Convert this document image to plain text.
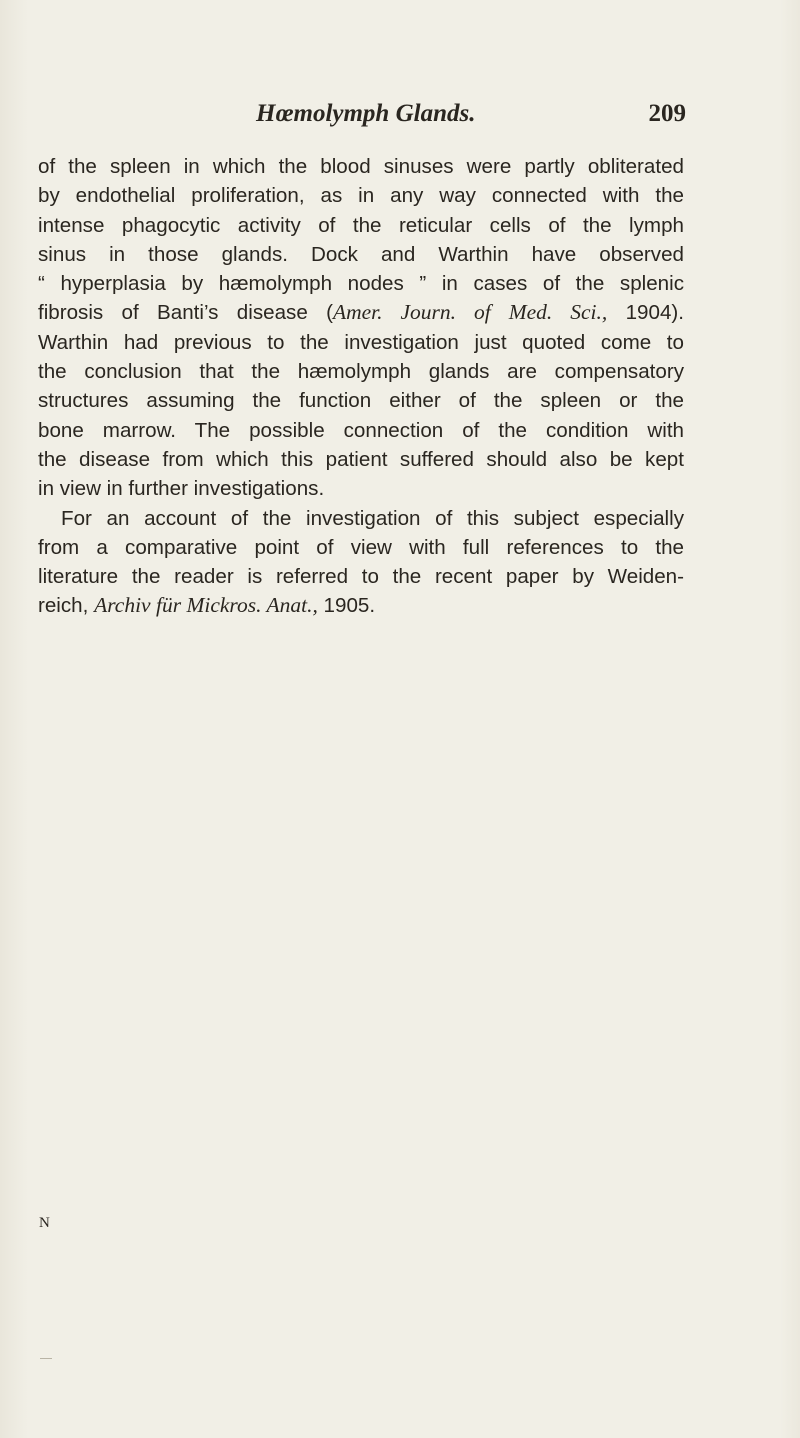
Hœmolymph Glands.	209
of the spleen in which the blood sinuses were partly obliterated
by endothelial proliferation, as in any way connected with the
intense phagocytic activity of the reticular cells of the lymph
sinus in those glands. Dock and Warthin have observed
“ hyperplasia by hæmolymph nodes ” in cases of the splenic
fibrosis of Banti’s disease (Amer. Journ. of Med. Sci., 1904).
Warthin had previous to the investigation just quoted come to
the conclusion that the hæmolymph glands are compensatory
structures assuming the function either of the spleen or the
bone marrow. The possible connection of the condition with
the disease from which this patient suffered should also be kept
in view in further investigations.
For an account of the investigation of this subject especially
from a comparative point of view with full references to the
literature the reader is referred to the recent paper by Weiden-
reich, Archiv für Mickros. Anat., 1905.
N
